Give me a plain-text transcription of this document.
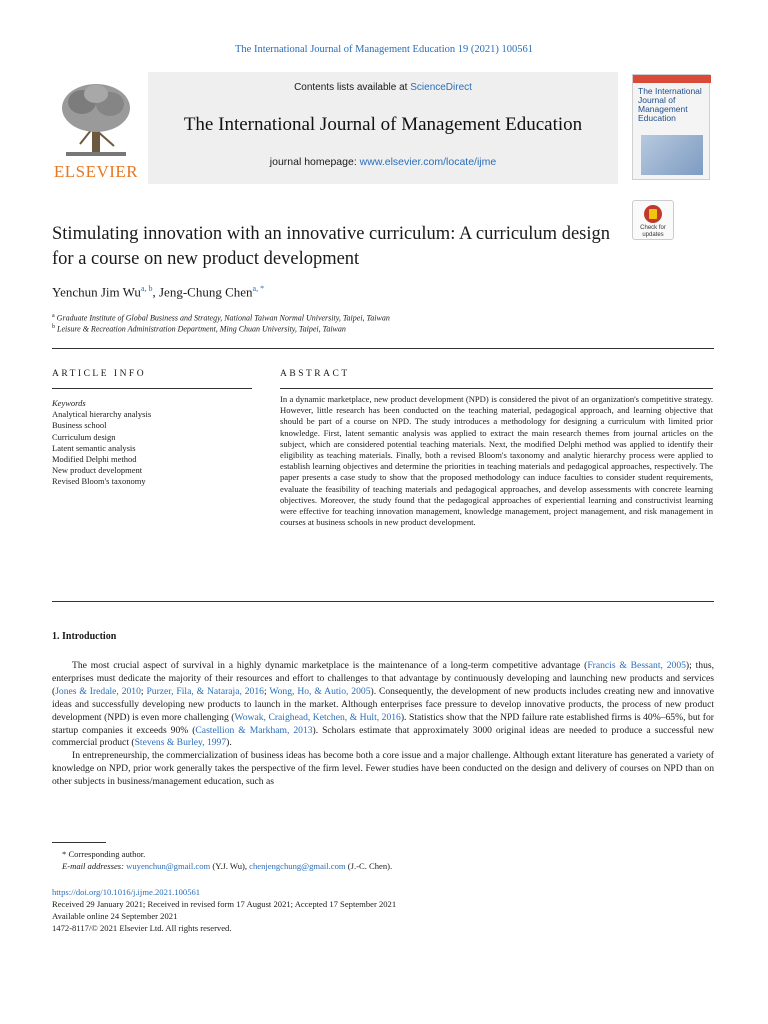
The International Journal of Management Education 19 (2021) 100561
ELSEVIER
Contents lists available at ScienceDirect
The International Journal of Management Education
journal homepage: www.elsevier.com/locate/ijme
The International Journal of Management Education
Check for updates
Stimulating innovation with an innovative curriculum: A curriculum design for a course on new product development
Yenchun Jim Wu$^{a, b}$, Jeng-Chung Chen$^{a, *}$
$^a$ Graduate Institute of Global Business and Strategy, National Taiwan Normal University, Taipei, Taiwan
$^b$ Leisure & Recreation Administration Department, Ming Chuan University, Taipei, Taiwan
ARTICLE INFO	ABSTRACT
Keywords
Analytical hierarchy analysis
Business school
Curriculum design
Latent semantic analysis
Modified Delphi method
New product development
Revised Bloom's taxonomy
In a dynamic marketplace, new product development (NPD) is considered the pivot of an organization's competitive strategy. However, little research has been conducted on the teaching material, pedagogical approach, and learning objective that should be part of a course on NPD. The study introduces a methodology for designing a curriculum with limited prior knowledge. First, latent semantic analysis was applied to extract the main research themes from journal articles on the subject, which are considered potential teaching materials. Next, the modified Delphi method was applied to identify their eligibility as teaching materials. Finally, both a revised Bloom's taxonomy and analytic hierarchy process were applied to establish learning objectives and determine the priorities in teaching materials and pedagogical approaches, respectively. The paper presents a case study to show that the proposed methodology can induce faculties to consider student requirements, evaluate the feasibility of teaching materials and pedagogical approaches, and develop assessments with concrete learning objectives. Moreover, the study found that the pedagogical approaches of experiential learning and constructivist learning were effective for teaching innovation management, knowledge management, project management, and risk management in courses at business schools in new product development.
1. Introduction

The most crucial aspect of survival in a highly dynamic marketplace is the maintenance of a long-term competitive advantage (Francis & Bessant, 2005); thus, enterprises must dedicate the majority of their resources and effort to challenges to that advantage by continuously developing and launching new products and services (Jones & Iredale, 2010; Purzer, Fila, & Nataraja, 2016; Wong, Ho, & Autio, 2005). Consequently, the development of new products includes creating new and innovative ideas and successfully developing new products to launch in the market. Although enterprises face pressure to develop innovative products, the process of new product development (NPD) is even more challenging (Wowak, Craighead, Ketchen, & Hult, 2016). Statistics show that the NPD failure rate established firms is 40%–65%, but for startup companies it exceeds 90% (Castellion & Markham, 2013). Scholars estimate that approximately 3000 original ideas are needed to produce a successful new commercial product (Stevens & Burley, 1997).

In entrepreneurship, the commercialization of business ideas has become both a core issue and a major challenge. Although extant literature has generated a variety of knowledge on NPD, prior work generally takes the perspective of the firm level. Fewer studies have been conducted on the design and delivery of courses on NPD than on other subjects in business/management education, such as

* Corresponding author.
E-mail addresses: wuyenchun@gmail.com (Y.J. Wu), chenjengchung@gmail.com (J.-C. Chen).
https://doi.org/10.1016/j.ijme.2021.100561
Received 29 January 2021; Received in revised form 17 August 2021; Accepted 17 September 2021
Available online 24 September 2021
1472-8117/© 2021 Elsevier Ltd. All rights reserved.
